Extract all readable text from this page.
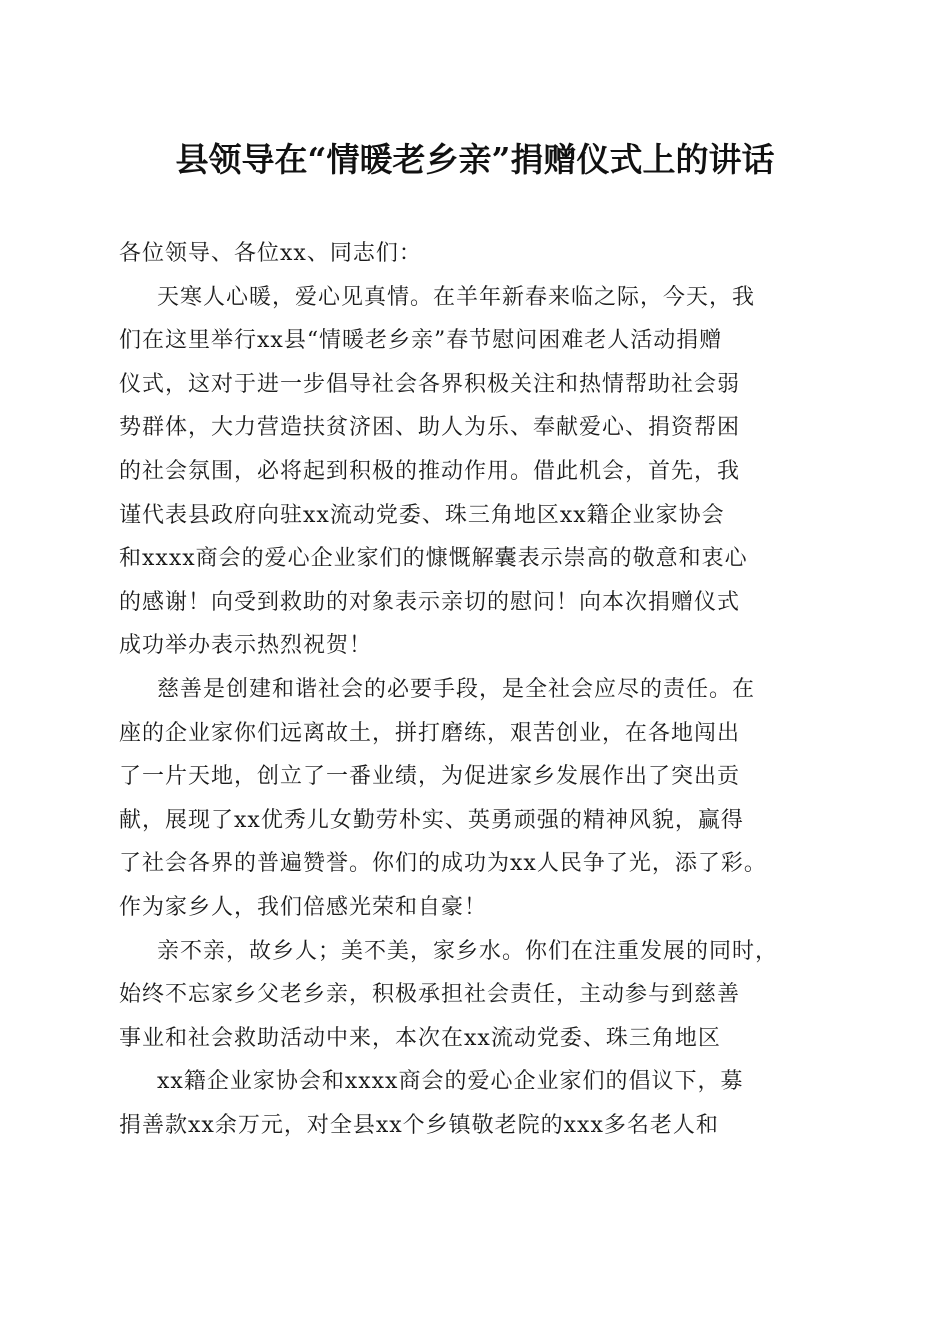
县领导在“情暖老乡亲”捐赠仪式上的讲话

各位领导、各位xx、同志们：

天寒人心暖，爱心见真情。在羊年新春来临之际，今天，我
们在这里举行xx县“情暖老乡亲”春节慰问困难老人活动捐赠
仪式，这对于进一步倡导社会各界积极关注和热情帮助社会弱
势群体，大力营造扶贫济困、助人为乐、奉献爱心、捐资帮困
的社会氛围，必将起到积极的推动作用。借此机会，首先，我
谨代表县政府向驻xx流动党委、珠三角地区xx籍企业家协会
和xxxx商会的爱心企业家们的慷慨解囊表示崇高的敬意和衷心
的感谢！向受到救助的对象表示亲切的慰问！向本次捐赠仪式
成功举办表示热烈祝贺！

慈善是创建和谐社会的必要手段，是全社会应尽的责任。在
座的企业家你们远离故土，拼打磨练，艰苦创业，在各地闯出
了一片天地，创立了一番业绩，为促进家乡发展作出了突出贡
献，展现了xx优秀儿女勤劳朴实、英勇顽强的精神风貌，赢得
了社会各界的普遍赞誉。你们的成功为xx人民争了光，添了彩。
作为家乡人，我们倍感光荣和自豪！

亲不亲，故乡人；美不美，家乡水。你们在注重发展的同时，
始终不忘家乡父老乡亲，积极承担社会责任，主动参与到慈善
事业和社会救助活动中来，本次在xx流动党委、珠三角地区

xx籍企业家协会和xxxx商会的爱心企业家们的倡议下，募
捐善款xx余万元，对全县xx个乡镇敬老院的xxx多名老人和
